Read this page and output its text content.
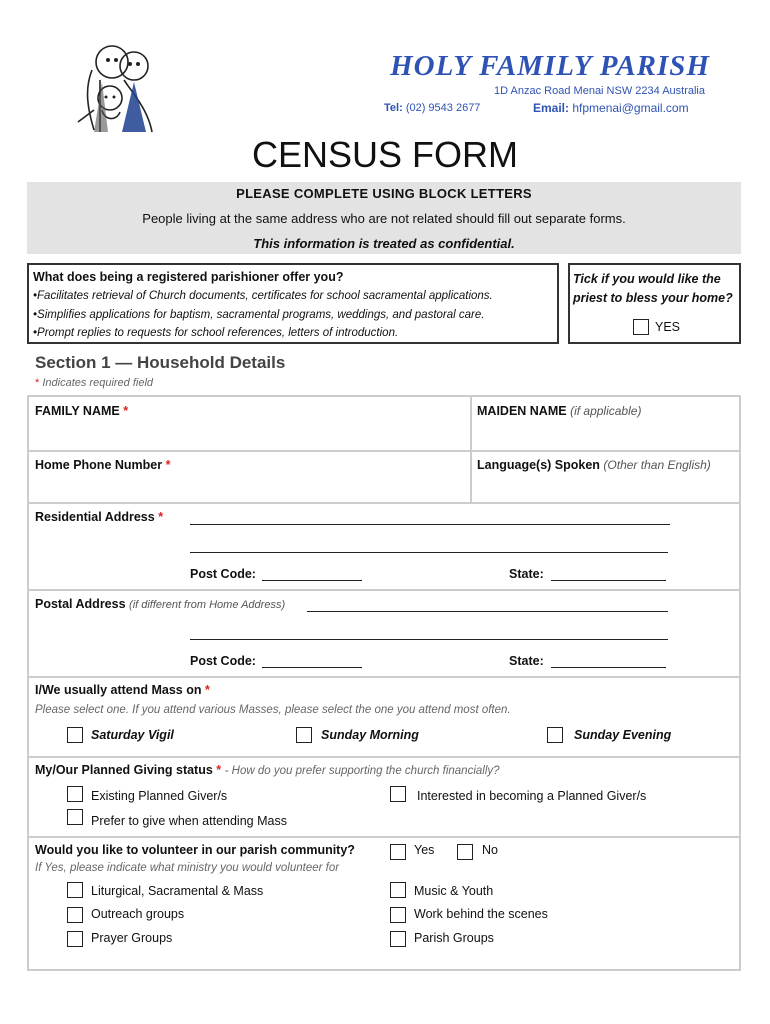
HOLY FAMILY PARISH
1D Anzac Road Menai NSW 2234 Australia
Tel: (02) 9543 2677	Email: hfpmenai@gmail.com
CENSUS FORM
PLEASE COMPLETE USING BLOCK LETTERS
People living at the same address who are not related should fill out separate forms.
This information is treated as confidential.
What does being a registered parishioner offer you?
•Facilitates retrieval of Church documents, certificates for school sacramental applications.
•Simplifies applications for baptism, sacramental programs, weddings, and pastoral care.
•Prompt replies to requests for school references, letters of introduction.
Tick if you would like the priest to bless your home?
YES
Section 1 — Household Details
* Indicates required field
FAMILY NAME *	MAIDEN NAME (if applicable)
Home Phone Number *	Language(s) Spoken (Other than English)
Residential Address *
Post Code:	State:
Postal Address (if different from Home Address)
Post Code:	State:
I/We usually attend Mass on *
Please select one. If you attend various Masses, please select the one you attend most often.
Saturday Vigil	Sunday Morning	Sunday Evening
My/Our Planned Giving status * - How do you prefer supporting the church financially?
Existing Planned Giver/s	Interested in becoming a Planned Giver/s
Prefer to give when attending Mass
Would you like to volunteer in our parish community?	Yes	No
If Yes, please indicate what ministry you would volunteer for
Liturgical, Sacramental & Mass	Music & Youth
Outreach groups	Work behind the scenes
Prayer Groups	Parish Groups
